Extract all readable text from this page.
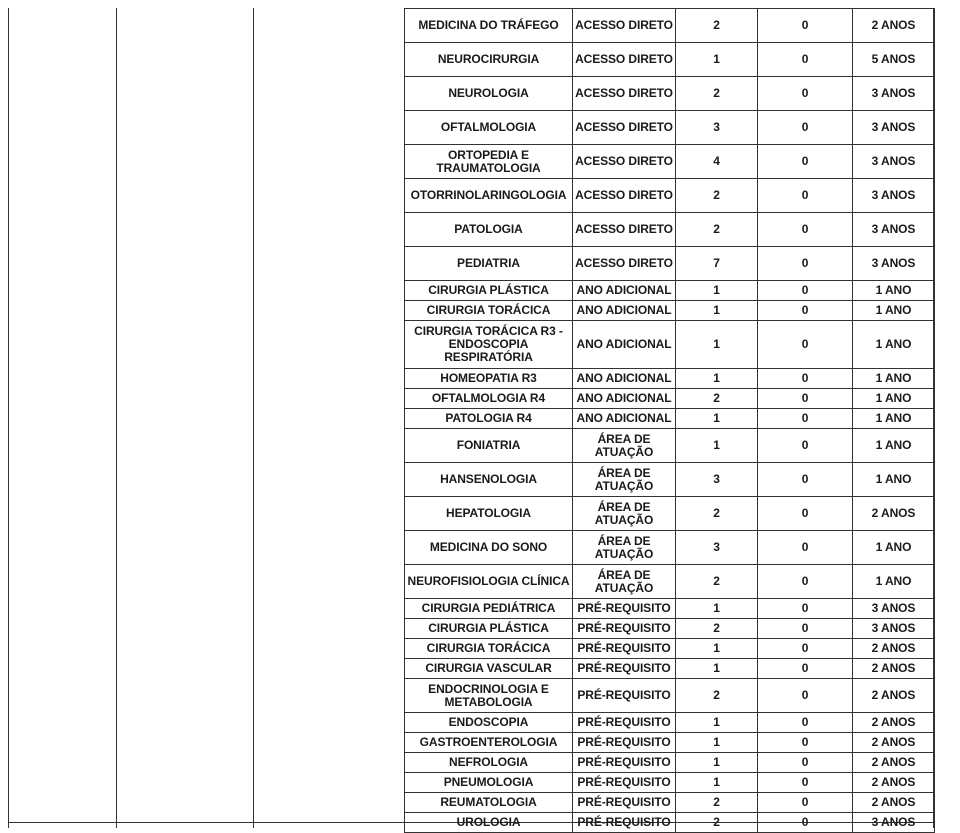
MEDICINA DO TRÁFEGO	ACESSO DIRETO	2	0	2 ANOS
NEUROCIRURGIA	ACESSO DIRETO	1	0	5 ANOS
NEUROLOGIA	ACESSO DIRETO	2	0	3 ANOS
OFTALMOLOGIA	ACESSO DIRETO	3	0	3 ANOS
ORTOPEDIA E TRAUMATOLOGIA	ACESSO DIRETO	4	0	3 ANOS
OTORRINOLARINGOLOGIA	ACESSO DIRETO	2	0	3 ANOS
PATOLOGIA	ACESSO DIRETO	2	0	3 ANOS
PEDIATRIA	ACESSO DIRETO	7	0	3 ANOS
CIRURGIA PLÁSTICA	ANO ADICIONAL	1	0	1 ANO
CIRURGIA TORÁCICA	ANO ADICIONAL	1	0	1 ANO
CIRURGIA TORÁCICA R3 - ENDOSCOPIA RESPIRATÓRIA	ANO ADICIONAL	1	0	1 ANO
HOMEOPATIA R3	ANO ADICIONAL	1	0	1 ANO
OFTALMOLOGIA R4	ANO ADICIONAL	2	0	1 ANO
PATOLOGIA R4	ANO ADICIONAL	1	0	1 ANO
FONIATRIA	ÁREA DE ATUAÇÃO	1	0	1 ANO
HANSENOLOGIA	ÁREA DE ATUAÇÃO	3	0	1 ANO
HEPATOLOGIA	ÁREA DE ATUAÇÃO	2	0	2 ANOS
MEDICINA DO SONO	ÁREA DE ATUAÇÃO	3	0	1 ANO
NEUROFISIOLOGIA CLÍNICA	ÁREA DE ATUAÇÃO	2	0	1 ANO
CIRURGIA PEDIÁTRICA	PRÉ-REQUISITO	1	0	3 ANOS
CIRURGIA PLÁSTICA	PRÉ-REQUISITO	2	0	3 ANOS
CIRURGIA TORÁCICA	PRÉ-REQUISITO	1	0	2 ANOS
CIRURGIA VASCULAR	PRÉ-REQUISITO	1	0	2 ANOS
ENDOCRINOLOGIA E METABOLOGIA	PRÉ-REQUISITO	2	0	2 ANOS
ENDOSCOPIA	PRÉ-REQUISITO	1	0	2 ANOS
GASTROENTEROLOGIA	PRÉ-REQUISITO	1	0	2 ANOS
NEFROLOGIA	PRÉ-REQUISITO	1	0	2 ANOS
PNEUMOLOGIA	PRÉ-REQUISITO	1	0	2 ANOS
REUMATOLOGIA	PRÉ-REQUISITO	2	0	2 ANOS
UROLOGIA	PRÉ-REQUISITO	2	0	3 ANOS
